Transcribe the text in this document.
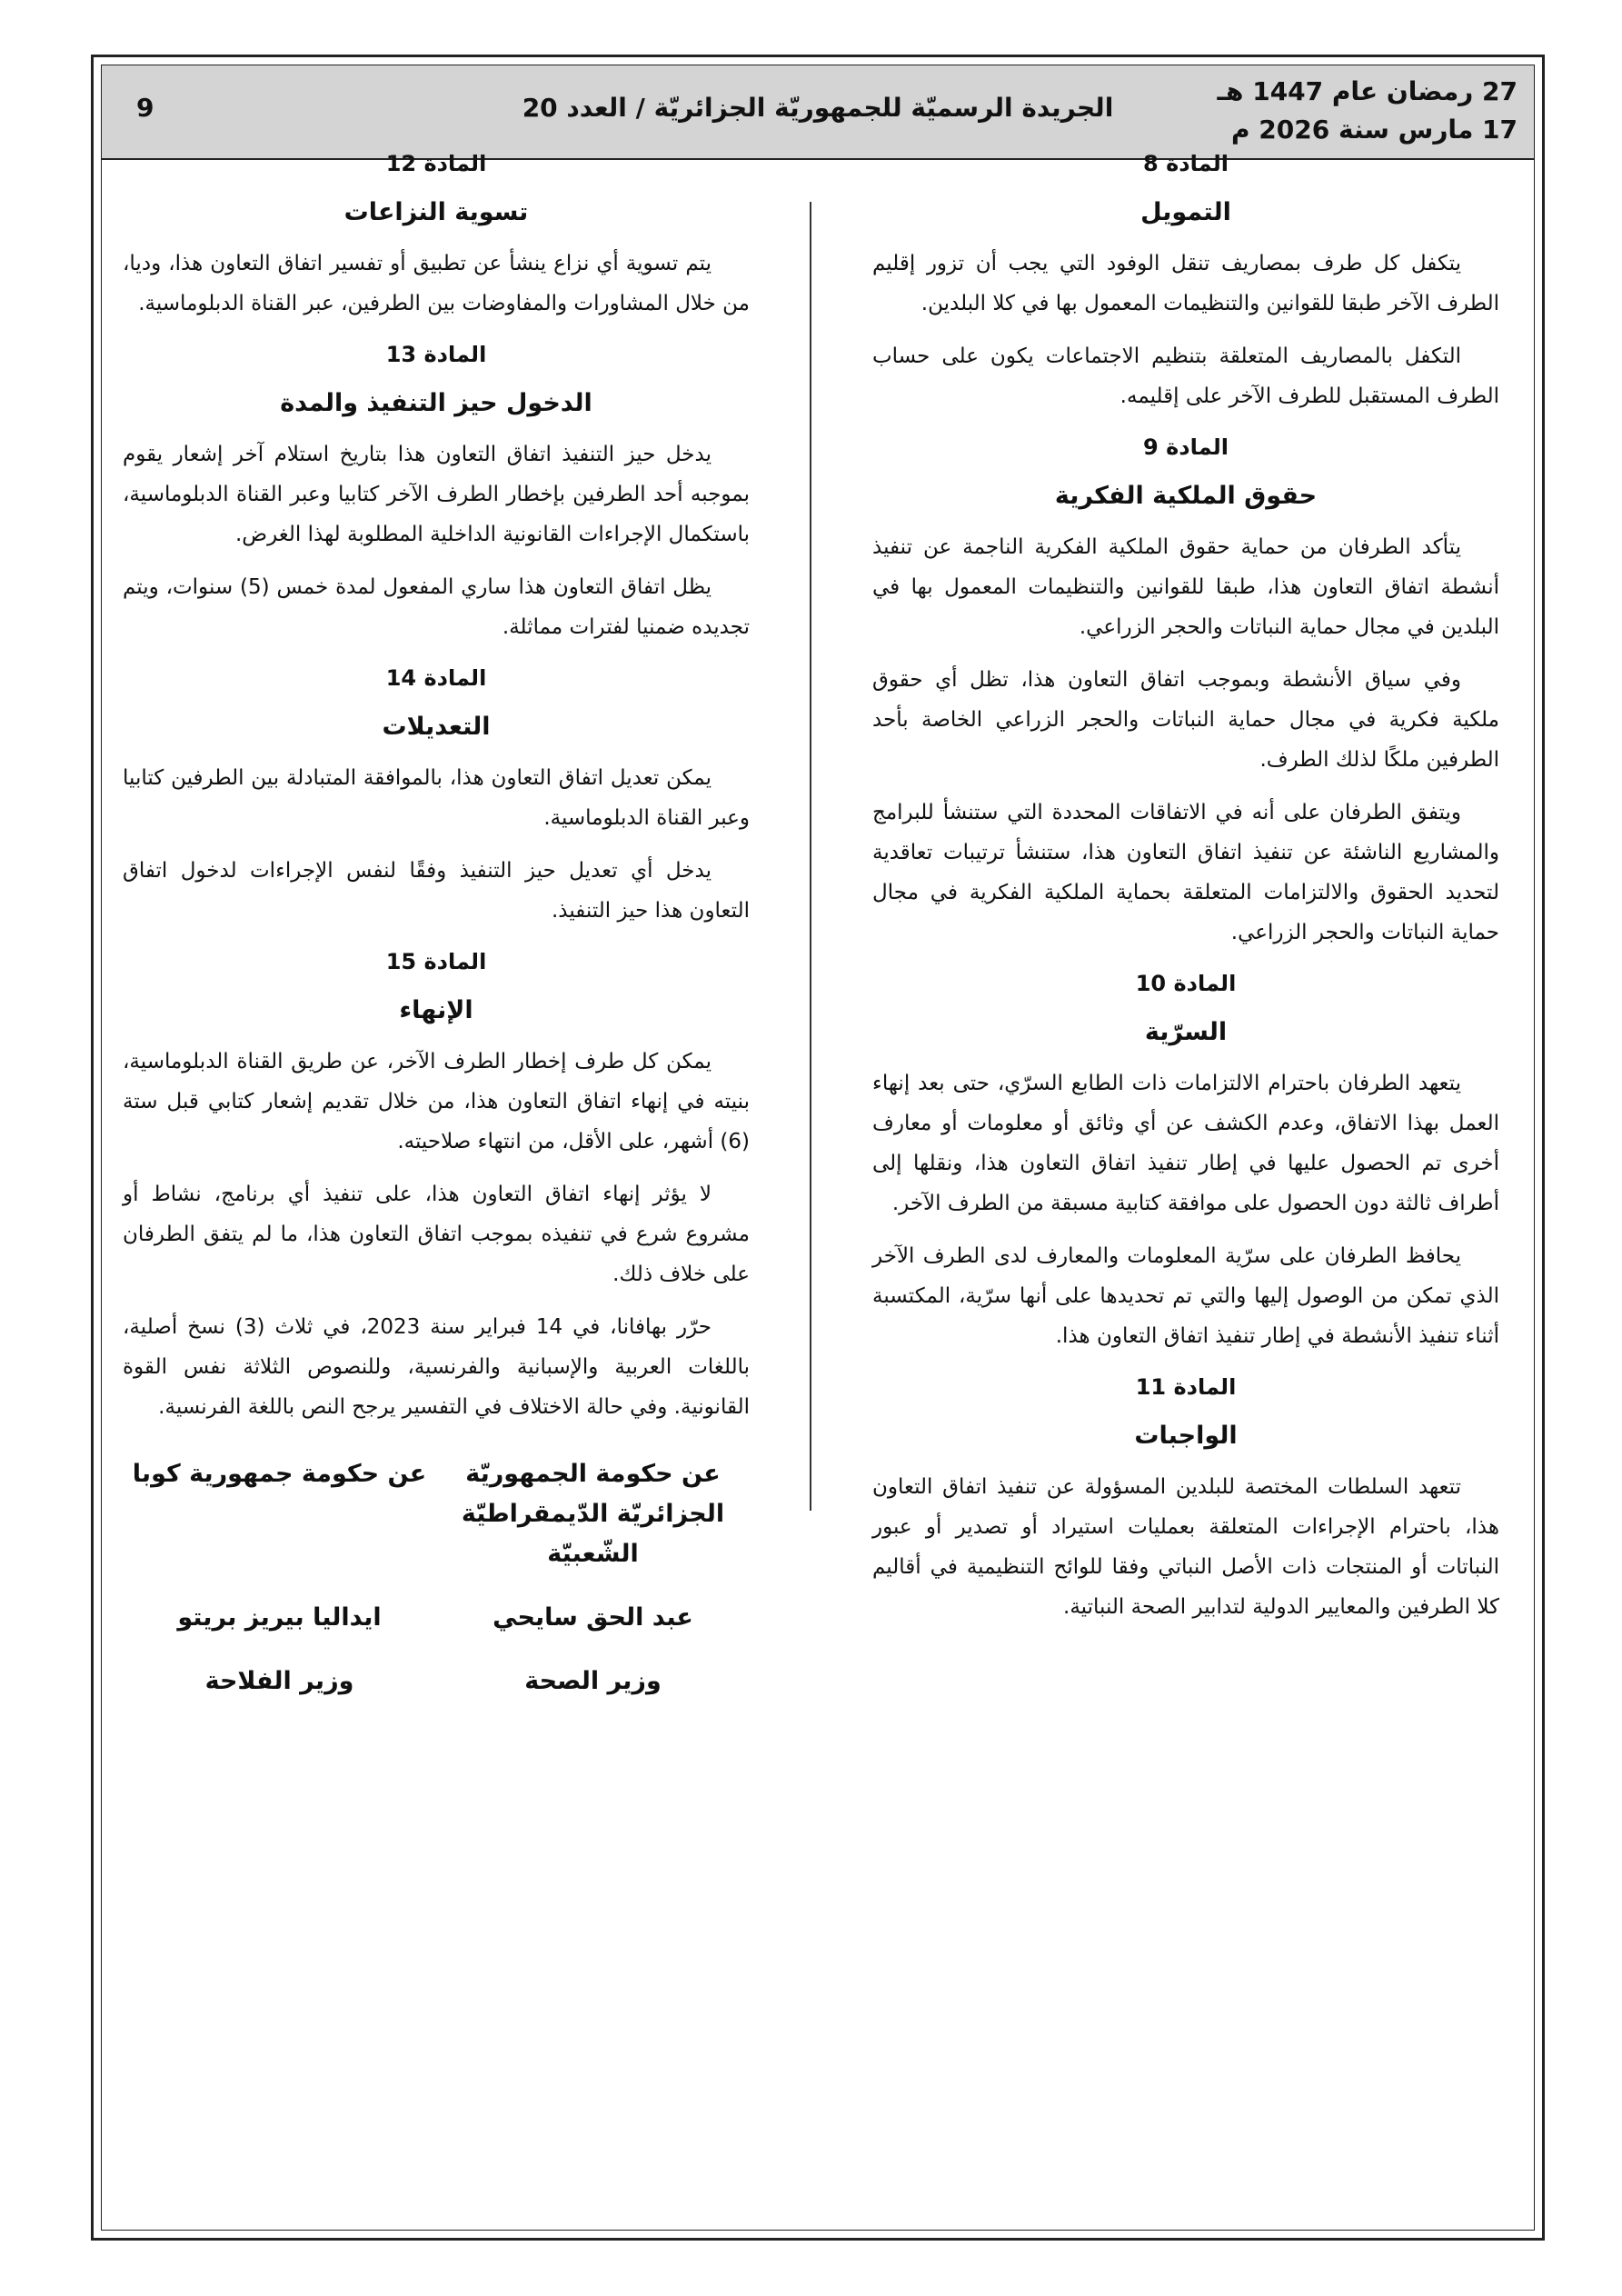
27 رمضان عام 1447 هـ
17 مارس سنة 2026 م
الجريدة الرسميّة للجمهوريّة الجزائريّة / العدد 20
9
المادة 8
التمويل

يتكفل كل طرف بمصاريف تنقل الوفود التي يجب أن تزور إقليم الطرف الآخر طبقا للقوانين والتنظيمات المعمول بها في كلا البلدين.

التكفل بالمصاريف المتعلقة بتنظيم الاجتماعات يكون على حساب الطرف المستقبل للطرف الآخر على إقليمه.

المادة 9
حقوق الملكية الفكرية

يتأكد الطرفان من حماية حقوق الملكية الفكرية الناجمة عن تنفيذ أنشطة اتفاق التعاون هذا، طبقا للقوانين والتنظيمات المعمول بها في البلدين في مجال حماية النباتات والحجر الزراعي.

وفي سياق الأنشطة وبموجب اتفاق التعاون هذا، تظل أي حقوق ملكية فكرية في مجال حماية النباتات والحجر الزراعي الخاصة بأحد الطرفين ملكًا لذلك الطرف.

ويتفق الطرفان على أنه في الاتفاقات المحددة التي ستنشأ للبرامج والمشاريع الناشئة عن تنفيذ اتفاق التعاون هذا، ستنشأ ترتيبات تعاقدية لتحديد الحقوق والالتزامات المتعلقة بحماية الملكية الفكرية في مجال حماية النباتات والحجر الزراعي.

المادة 10
السرّية

يتعهد الطرفان باحترام الالتزامات ذات الطابع السرّي، حتى بعد إنهاء العمل بهذا الاتفاق، وعدم الكشف عن أي وثائق أو معلومات أو معارف أخرى تم الحصول عليها في إطار تنفيذ اتفاق التعاون هذا، ونقلها إلى أطراف ثالثة دون الحصول على موافقة كتابية مسبقة من الطرف الآخر.

يحافظ الطرفان على سرّية المعلومات والمعارف لدى الطرف الآخر الذي تمكن من الوصول إليها والتي تم تحديدها على أنها سرّية، المكتسبة أثناء تنفيذ الأنشطة في إطار تنفيذ اتفاق التعاون هذا.

المادة 11
الواجبات

تتعهد السلطات المختصة للبلدين المسؤولة عن تنفيذ اتفاق التعاون هذا، باحترام الإجراءات المتعلقة بعمليات استيراد أو تصدير أو عبور النباتات أو المنتجات ذات الأصل النباتي وفقا للوائح التنظيمية في أقاليم كلا الطرفين والمعايير الدولية لتدابير الصحة النباتية.

المادة 12
تسوية النزاعات

يتم تسوية أي نزاع ينشأ عن تطبيق أو تفسير اتفاق التعاون هذا، وديا، من خلال المشاورات والمفاوضات بين الطرفين، عبر القناة الدبلوماسية.

المادة 13
الدخول حيز التنفيذ والمدة

يدخل حيز التنفيذ اتفاق التعاون هذا بتاريخ استلام آخر إشعار يقوم بموجبه أحد الطرفين بإخطار الطرف الآخر كتابيا وعبر القناة الدبلوماسية، باستكمال الإجراءات القانونية الداخلية المطلوبة لهذا الغرض.

يظل اتفاق التعاون هذا ساري المفعول لمدة خمس (5) سنوات، ويتم تجديده ضمنيا لفترات مماثلة.

المادة 14
التعديلات

يمكن تعديل اتفاق التعاون هذا، بالموافقة المتبادلة بين الطرفين كتابيا وعبر القناة الدبلوماسية.

يدخل أي تعديل حيز التنفيذ وفقًا لنفس الإجراءات لدخول اتفاق التعاون هذا حيز التنفيذ.

المادة 15
الإنهاء

يمكن كل طرف إخطار الطرف الآخر، عن طريق القناة الدبلوماسية، بنيته في إنهاء اتفاق التعاون هذا، من خلال تقديم إشعار كتابي قبل ستة (6) أشهر، على الأقل، من انتهاء صلاحيته.

لا يؤثر إنهاء اتفاق التعاون هذا، على تنفيذ أي برنامج، نشاط أو مشروع شرع في تنفيذه بموجب اتفاق التعاون هذا، ما لم يتفق الطرفان على خلاف ذلك.

حرّر بهافانا، في 14 فبراير سنة 2023، في ثلاث (3) نسخ أصلية، باللغات العربية والإسبانية والفرنسية، وللنصوص الثلاثة نفس القوة القانونية. وفي حالة الاختلاف في التفسير يرجح النص باللغة الفرنسية.

عن حكومة الجمهوريّة الجزائريّة الدّيمقراطيّة الشّعبيّة
عن حكومة جمهورية كوبا
عبد الحق سايحي
ايداليا بيريز بريتو
وزير الصحة
وزير الفلاحة
